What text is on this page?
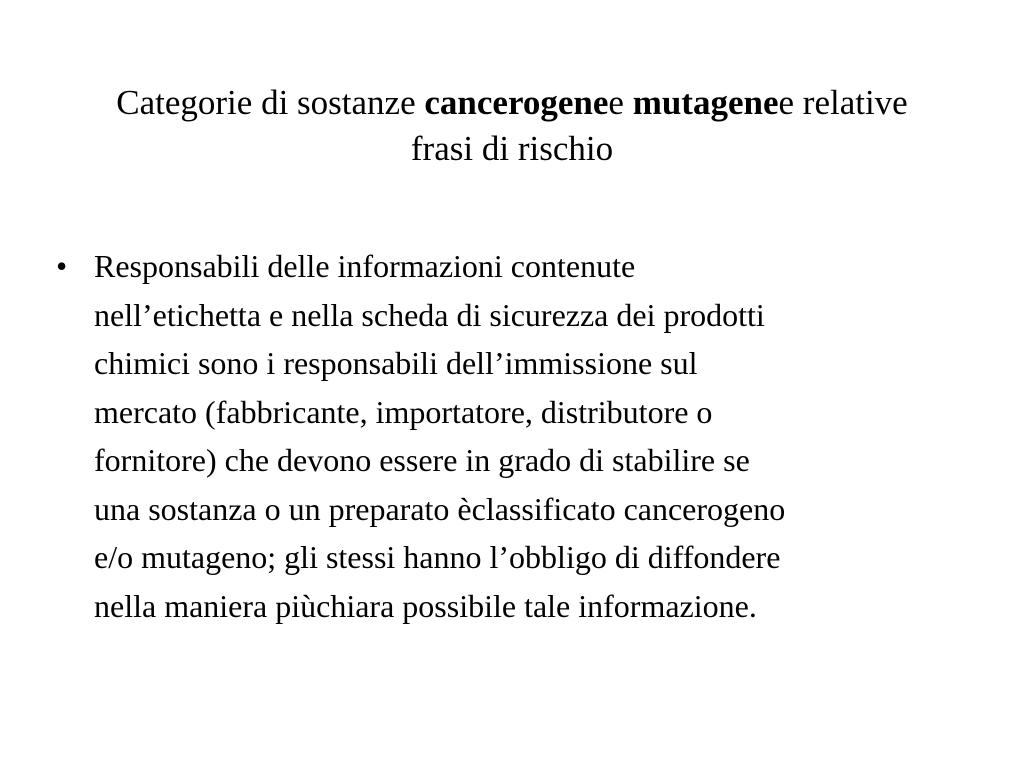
Categorie di sostanze cancerogenee mutagenee relative
frasi di rischio
• Responsabili delle informazioni contenute
nell’etichetta e nella scheda di sicurezza dei prodotti
chimici sono i responsabili dell’immissione sul
mercato (fabbricante, importatore, distributore o
fornitore) che devono essere in grado di stabilire se
una sostanza o un preparato èclassificato cancerogeno
e/o mutageno; gli stessi hanno l’obbligo di diffondere
nella maniera piùchiara possibile tale informazione.
